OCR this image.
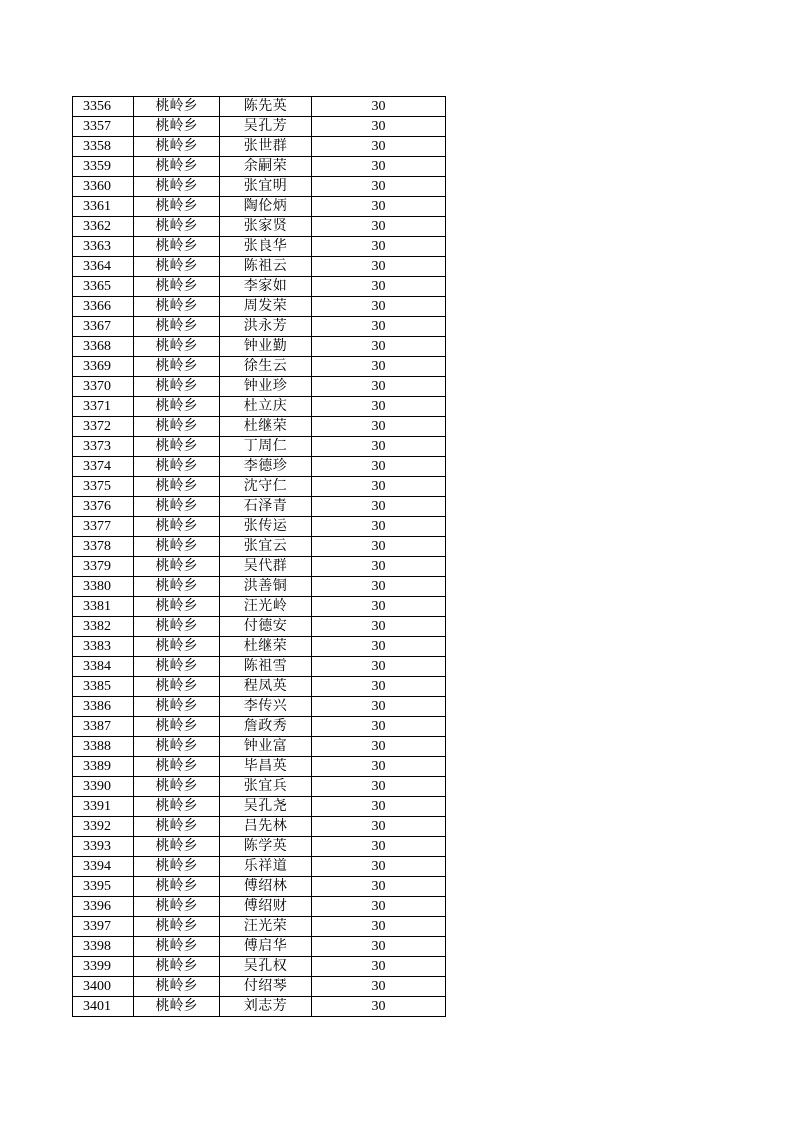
3356	桃岭乡	陈先英	30
3357	桃岭乡	吴孔芳	30
3358	桃岭乡	张世群	30
3359	桃岭乡	余嗣荣	30
3360	桃岭乡	张宜明	30
3361	桃岭乡	陶伦炳	30
3362	桃岭乡	张家贤	30
3363	桃岭乡	张良华	30
3364	桃岭乡	陈祖云	30
3365	桃岭乡	李家如	30
3366	桃岭乡	周发荣	30
3367	桃岭乡	洪永芳	30
3368	桃岭乡	钟业勤	30
3369	桃岭乡	徐生云	30
3370	桃岭乡	钟业珍	30
3371	桃岭乡	杜立庆	30
3372	桃岭乡	杜继荣	30
3373	桃岭乡	丁周仁	30
3374	桃岭乡	李德珍	30
3375	桃岭乡	沈守仁	30
3376	桃岭乡	石泽青	30
3377	桃岭乡	张传运	30
3378	桃岭乡	张宜云	30
3379	桃岭乡	吴代群	30
3380	桃岭乡	洪善铜	30
3381	桃岭乡	汪光岭	30
3382	桃岭乡	付德安	30
3383	桃岭乡	杜继荣	30
3384	桃岭乡	陈祖雪	30
3385	桃岭乡	程凤英	30
3386	桃岭乡	李传兴	30
3387	桃岭乡	詹政秀	30
3388	桃岭乡	钟业富	30
3389	桃岭乡	毕昌英	30
3390	桃岭乡	张宜兵	30
3391	桃岭乡	吴孔尧	30
3392	桃岭乡	吕先林	30
3393	桃岭乡	陈学英	30
3394	桃岭乡	乐祥道	30
3395	桃岭乡	傅绍林	30
3396	桃岭乡	傅绍财	30
3397	桃岭乡	汪光荣	30
3398	桃岭乡	傅启华	30
3399	桃岭乡	吴孔权	30
3400	桃岭乡	付绍琴	30
3401	桃岭乡	刘志芳	30
